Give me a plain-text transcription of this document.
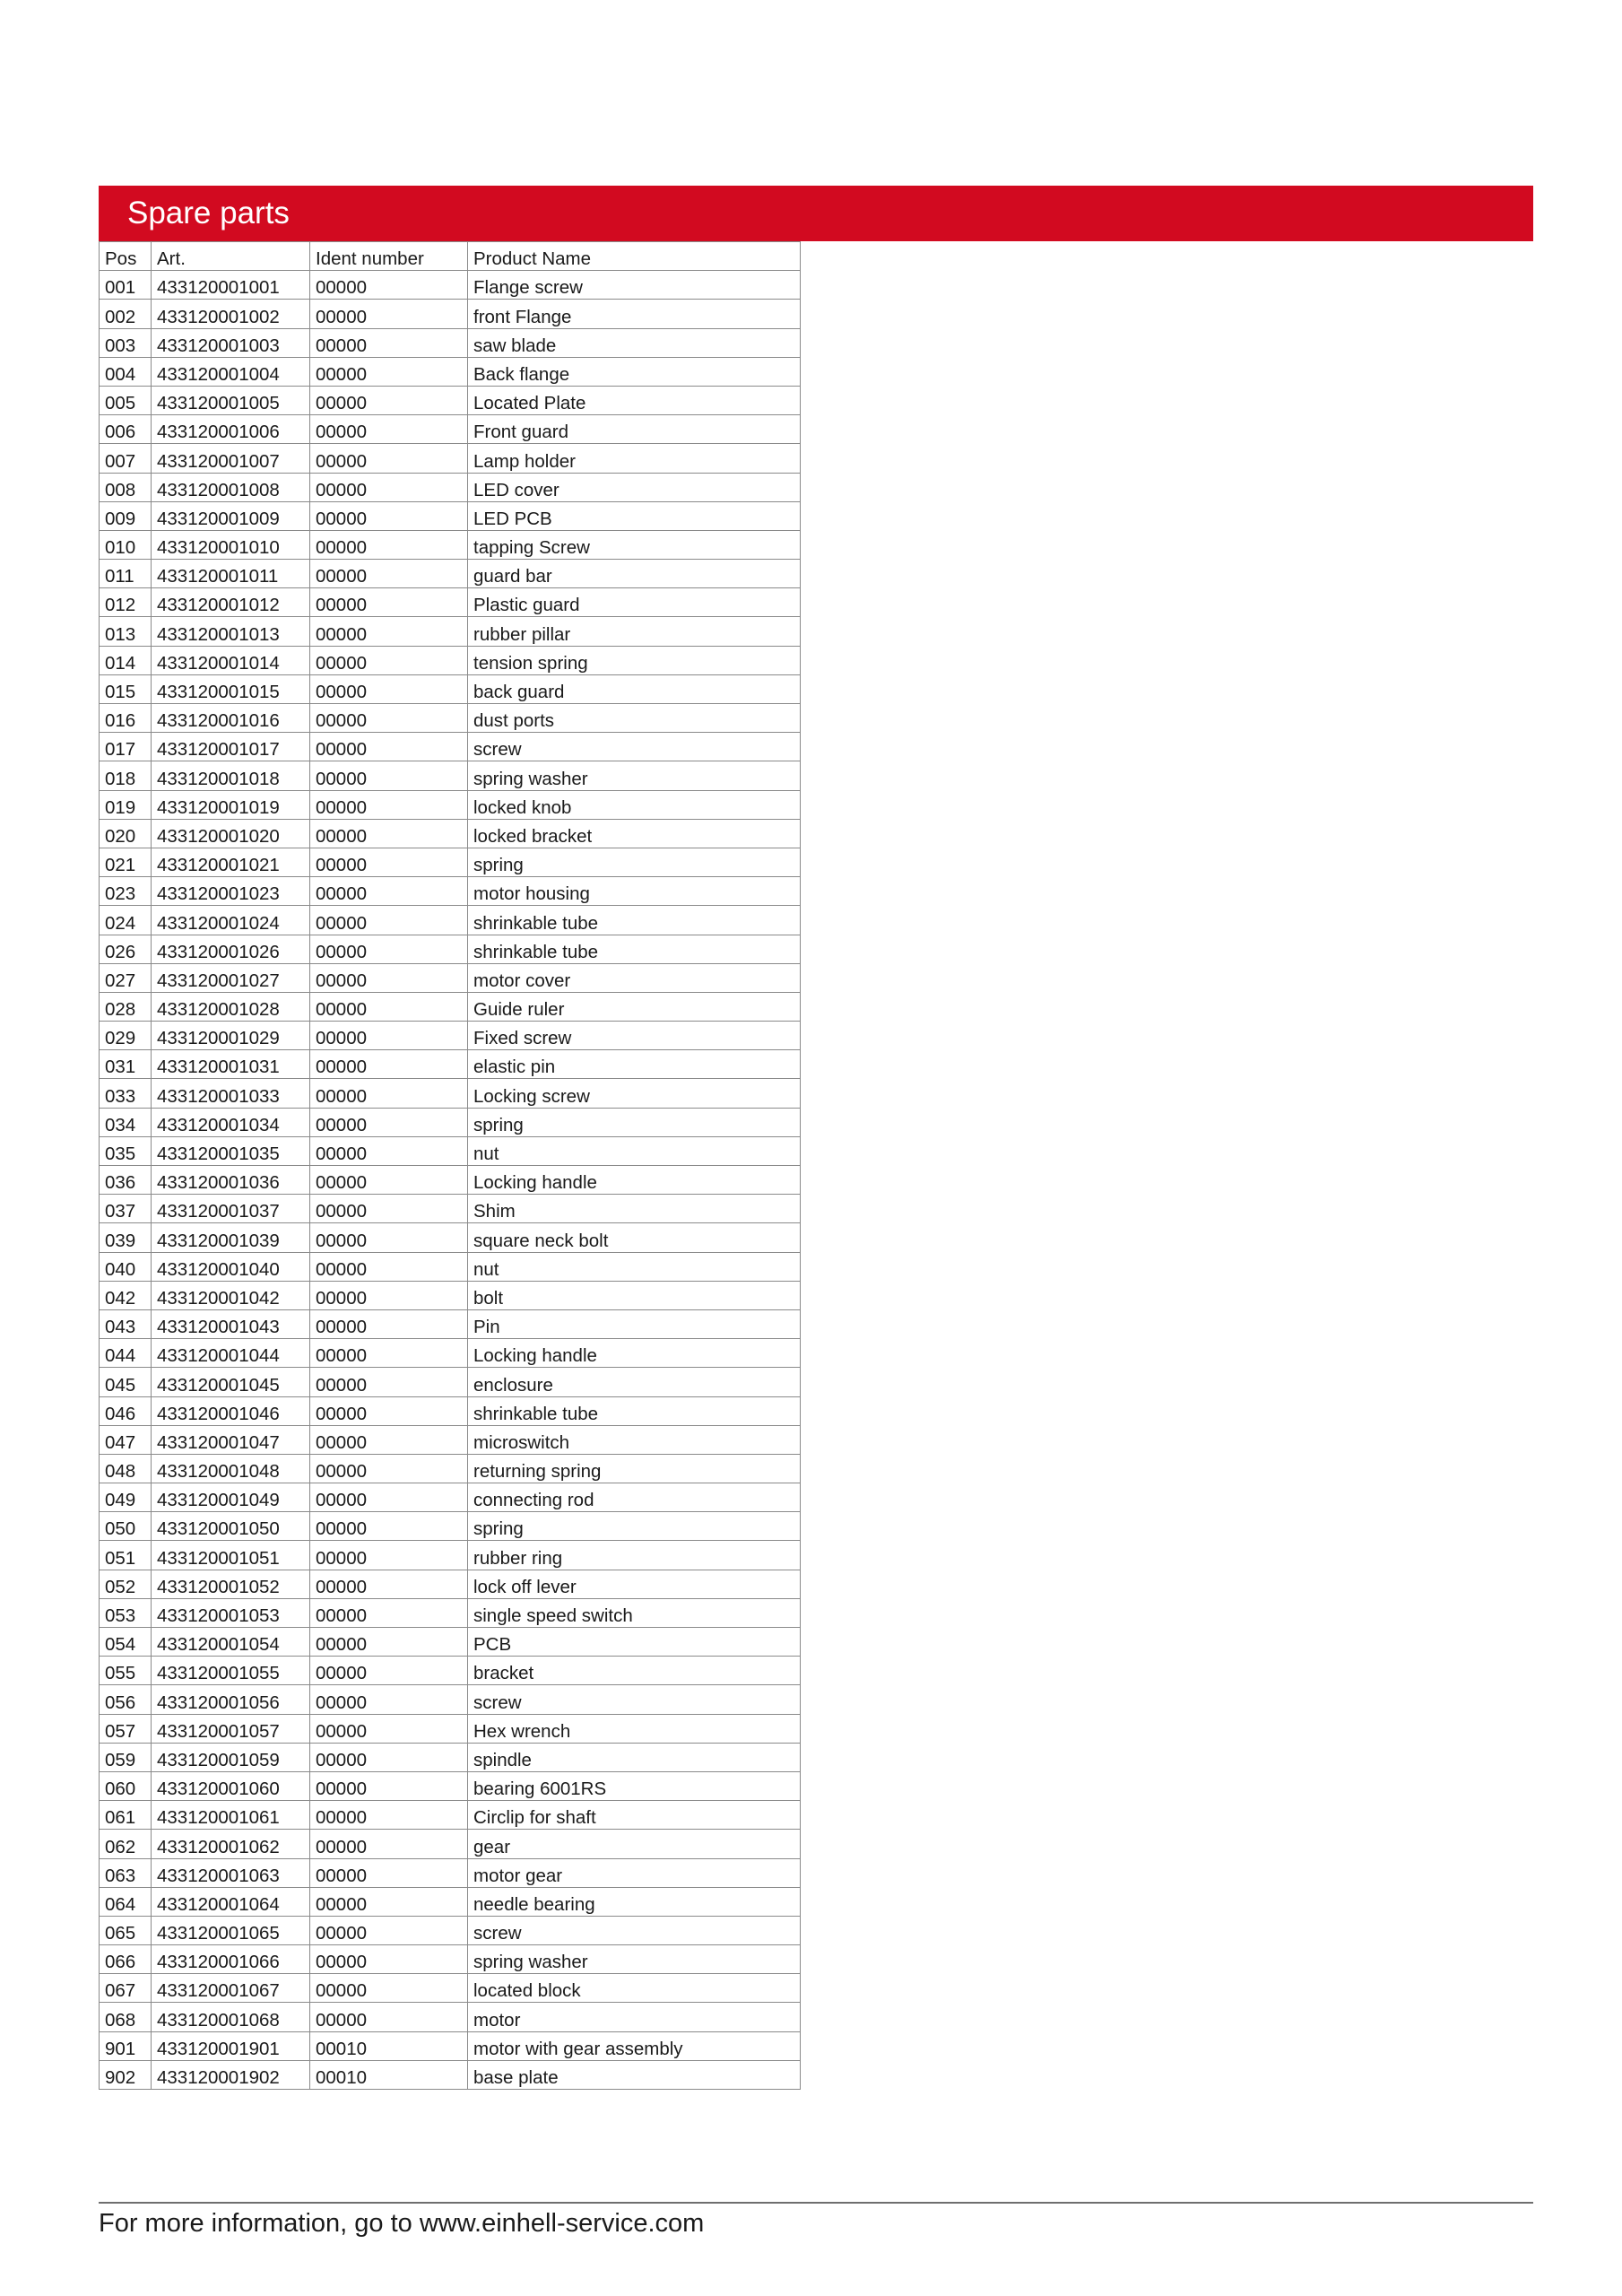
Spare parts
Pos	Art.	Ident number	Product Name
001	433120001001	00000	Flange screw
002	433120001002	00000	front Flange
003	433120001003	00000	saw blade
004	433120001004	00000	Back flange
005	433120001005	00000	Located Plate
006	433120001006	00000	Front guard
007	433120001007	00000	Lamp holder
008	433120001008	00000	LED cover
009	433120001009	00000	LED PCB
010	433120001010	00000	tapping Screw
011	433120001011	00000	guard bar
012	433120001012	00000	Plastic guard
013	433120001013	00000	rubber pillar
014	433120001014	00000	tension spring
015	433120001015	00000	back guard
016	433120001016	00000	dust ports
017	433120001017	00000	screw
018	433120001018	00000	spring washer
019	433120001019	00000	locked knob
020	433120001020	00000	locked bracket
021	433120001021	00000	spring
023	433120001023	00000	motor housing
024	433120001024	00000	shrinkable tube
026	433120001026	00000	shrinkable tube
027	433120001027	00000	motor cover
028	433120001028	00000	Guide ruler
029	433120001029	00000	Fixed screw
031	433120001031	00000	elastic pin
033	433120001033	00000	Locking screw
034	433120001034	00000	spring
035	433120001035	00000	nut
036	433120001036	00000	Locking handle
037	433120001037	00000	Shim
039	433120001039	00000	square neck bolt
040	433120001040	00000	nut
042	433120001042	00000	bolt
043	433120001043	00000	Pin
044	433120001044	00000	Locking handle
045	433120001045	00000	enclosure
046	433120001046	00000	shrinkable tube
047	433120001047	00000	microswitch
048	433120001048	00000	returning spring
049	433120001049	00000	connecting rod
050	433120001050	00000	spring
051	433120001051	00000	rubber ring
052	433120001052	00000	lock off lever
053	433120001053	00000	single speed switch
054	433120001054	00000	PCB
055	433120001055	00000	bracket
056	433120001056	00000	screw
057	433120001057	00000	Hex wrench
059	433120001059	00000	spindle
060	433120001060	00000	bearing 6001RS
061	433120001061	00000	Circlip for shaft
062	433120001062	00000	gear
063	433120001063	00000	motor gear
064	433120001064	00000	needle bearing
065	433120001065	00000	screw
066	433120001066	00000	spring washer
067	433120001067	00000	located block
068	433120001068	00000	motor
901	433120001901	00010	motor with gear assembly
902	433120001902	00010	base plate
For more information, go to www.einhell-service.com
